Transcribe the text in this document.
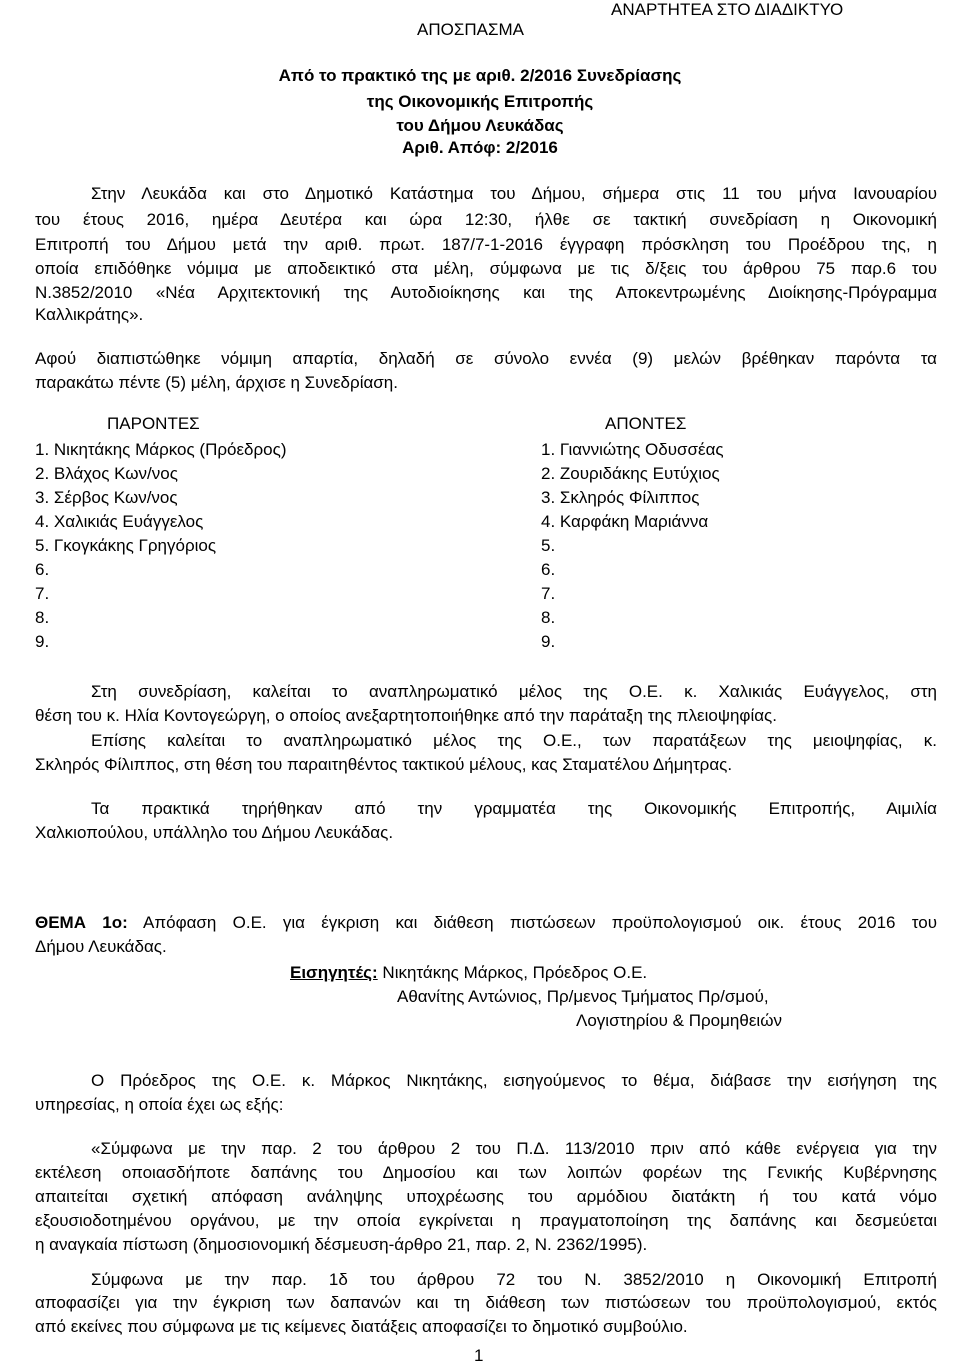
ΑΠΟΣΠΑΣΜΑ
ΑΝΑΡΤΗΤΕΑ ΣΤΟ ΔΙΑΔΙΚΤΥΟ
Από το πρακτικό της με αριθ. 2/2016 Συνεδρίασης
της Οικονομικής Επιτροπής
του Δήμου Λευκάδας
Αριθ. Απόφ: 2/2016
Στην Λευκάδα και στο Δημοτικό Κατάστημα του Δήμου, σήμερα στις 11 του μήνα Ιανουαρίου
του έτους 2016, ημέρα Δευτέρα και ώρα 12:30, ήλθε σε τακτική συνεδρίαση η Οικονομική
Επιτροπή του Δήμου μετά την αριθ. πρωτ. 187/7-1-2016 έγγραφη πρόσκληση του Προέδρου της, η
οποία επιδόθηκε νόμιμα με αποδεικτικό στα μέλη, σύμφωνα με τις δ/ξεις του άρθρου 75 παρ.6 του
Ν.3852/2010 «Νέα Αρχιτεκτονική της Αυτοδιοίκησης και της Αποκεντρωμένης Διοίκησης-Πρόγραμμα
Καλλικράτης».
Αφού διαπιστώθηκε νόμιμη απαρτία, δηλαδή σε σύνολο εννέα (9) μελών βρέθηκαν παρόντα τα
παρακάτω πέντε (5) μέλη, άρχισε η Συνεδρίαση.
ΠΑΡΟΝΤΕΣ	ΑΠΟΝΤΕΣ
1. Νικητάκης Μάρκος (Πρόεδρος)	1. Γιαννιώτης Οδυσσέας
2. Βλάχος Κων/νος	2. Ζουριδάκης Ευτύχιος
3. Σέρβος Κων/νος	3. Σκληρός Φίλιππος
4. Χαλικιάς Ευάγγελος	4. Καρφάκη Μαριάννα
5. Γκογκάκης Γρηγόριος	5.
6.	6.
7.	7.
8.	8.
9.	9.
Στη συνεδρίαση, καλείται το αναπληρωματικό μέλος της Ο.Ε. κ. Χαλικιάς Ευάγγελος, στη
θέση του κ. Ηλία Κοντογεώργη, ο οποίος ανεξαρτητοποιήθηκε από την παράταξη της πλειοψηφίας.
Επίσης καλείται το αναπληρωματικό μέλος της Ο.Ε., των παρατάξεων της μειοψηφίας, κ.
Σκληρός Φίλιππος, στη θέση του παραιτηθέντος τακτικού μέλους, κας Σταματέλου Δήμητρας.
Τα πρακτικά τηρήθηκαν από την γραμματέα της Οικονομικής Επιτροπής, Αιμιλία
Χαλκιοπούλου, υπάλληλο του Δήμου Λευκάδας.
ΘΕΜΑ 1ο: Απόφαση Ο.Ε. για έγκριση και διάθεση πιστώσεων προϋπολογισμού οικ. έτους 2016 του
Δήμου Λευκάδας.
Εισηγητές: Νικητάκης Μάρκος, Πρόεδρος Ο.Ε.
Αθανίτης Αντώνιος, Πρ/μενος Τμήματος Πρ/σμού,
Λογιστηρίου & Προμηθειών
Ο Πρόεδρος της Ο.Ε. κ. Μάρκος Νικητάκης, εισηγούμενος το θέμα, διάβασε την εισήγηση της
υπηρεσίας, η οποία έχει ως εξής:
«Σύμφωνα με την παρ. 2 του άρθρου 2 του Π.Δ. 113/2010 πριν από κάθε ενέργεια για την
εκτέλεση οποιασδήποτε δαπάνης του Δημοσίου και των λοιπών φορέων της Γενικής Κυβέρνησης
απαιτείται σχετική απόφαση ανάληψης υποχρέωσης του αρμόδιου διατάκτη ή του κατά νόμο
εξουσιοδοτημένου οργάνου, με την οποία εγκρίνεται η πραγματοποίηση της δαπάνης και δεσμεύεται
η αναγκαία πίστωση (δημοσιονομική δέσμευση-άρθρο 21, παρ. 2, Ν. 2362/1995).
Σύμφωνα με την παρ. 1δ του άρθρου 72 του Ν. 3852/2010 η Οικονομική Επιτροπή
αποφασίζει για την έγκριση των δαπανών και τη διάθεση των πιστώσεων του προϋπολογισμού, εκτός
από εκείνες που σύμφωνα με τις κείμενες διατάξεις αποφασίζει το δημοτικό συμβούλιο.
1
